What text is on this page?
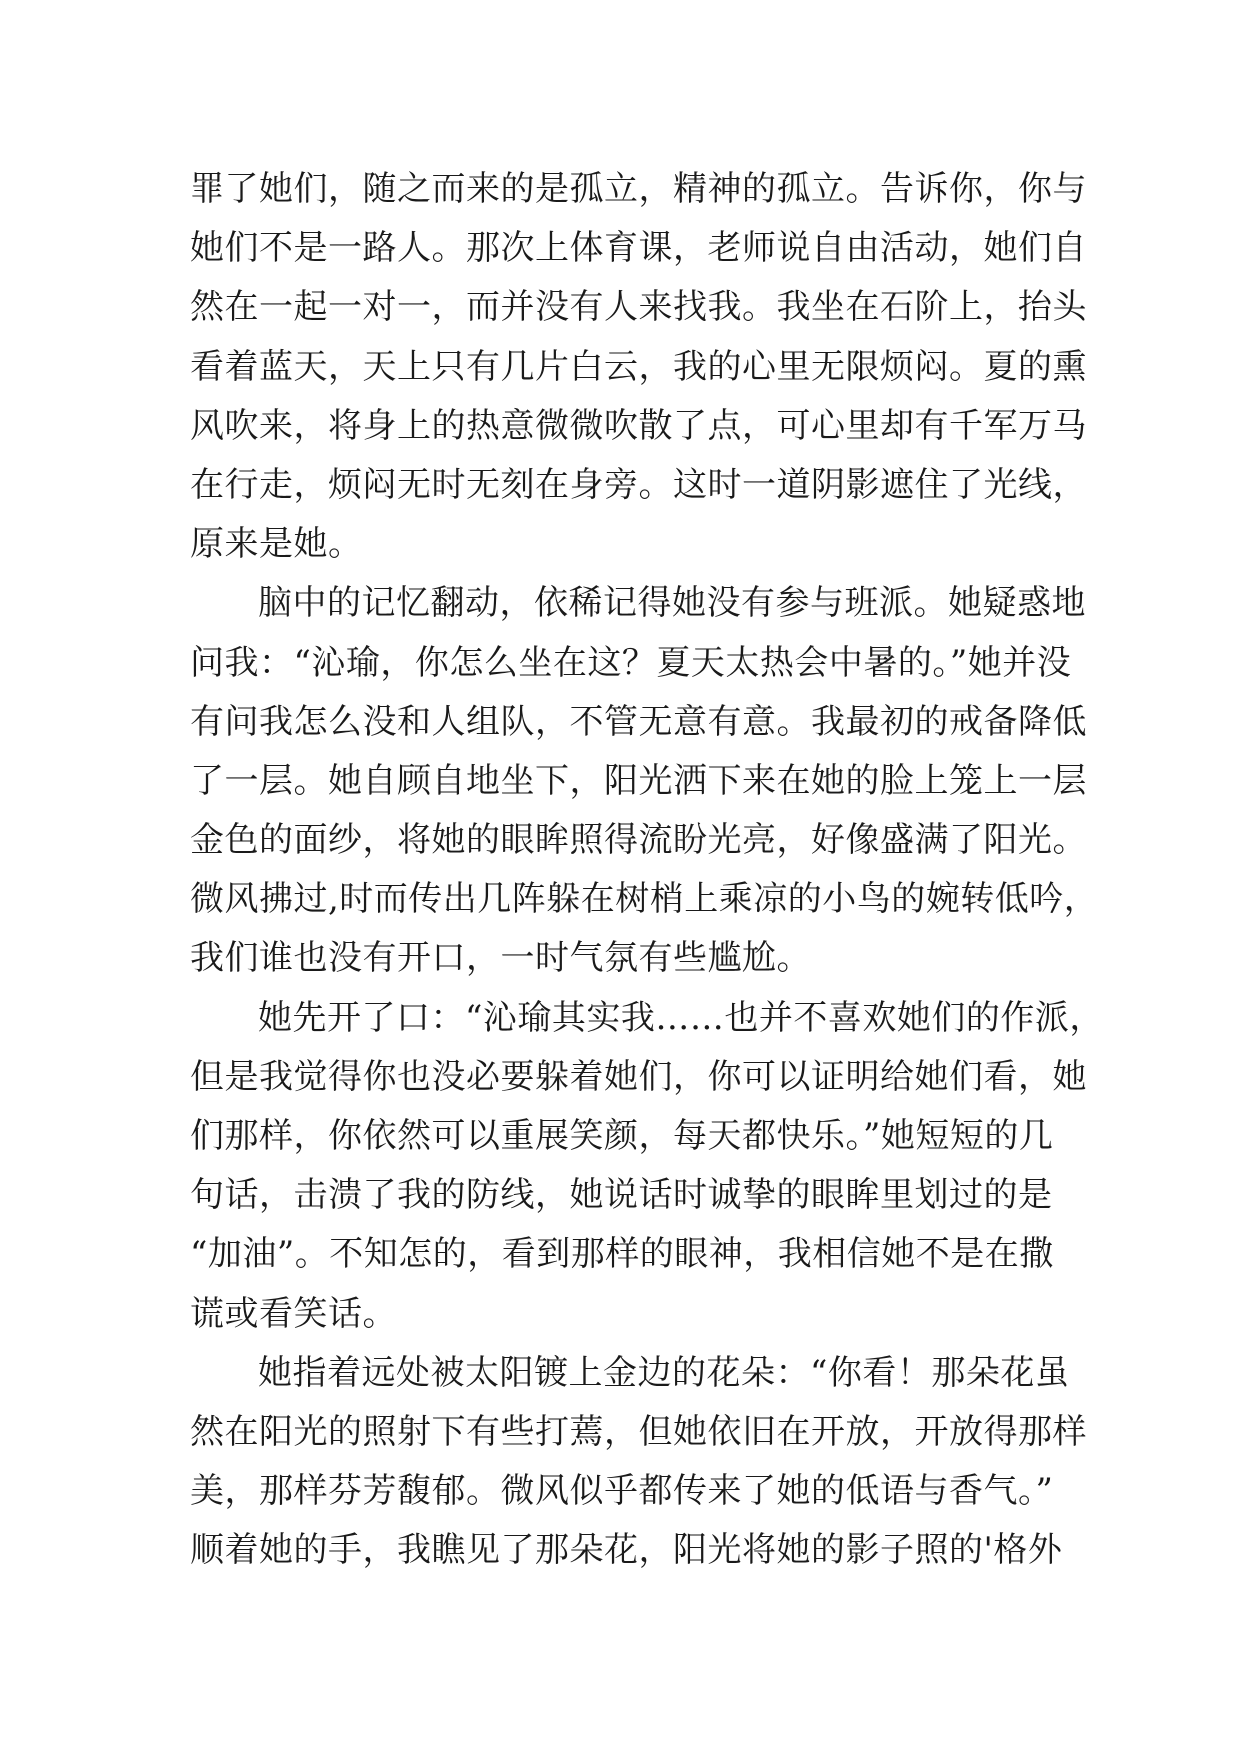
罪了她们，随之而来的是孤立，精神的孤立。告诉你，你与
她们不是一路人。那次上体育课，老师说自由活动，她们自
然在一起一对一，而并没有人来找我。我坐在石阶上，抬头
看着蓝天，天上只有几片白云，我的心里无限烦闷。夏的熏
风吹来，将身上的热意微微吹散了点，可心里却有千军万马
在行走，烦闷无时无刻在身旁。这时一道阴影遮住了光线，
原来是她。
脑中的记忆翻动，依稀记得她没有参与班派。她疑惑地
问我：“沁瑜，你怎么坐在这？夏天太热会中暑的。”她并没
有问我怎么没和人组队，不管无意有意。我最初的戒备降低
了一层。她自顾自地坐下，阳光洒下来在她的脸上笼上一层
金色的面纱，将她的眼眸照得流盼光亮，好像盛满了阳光。
微风拂过,时而传出几阵躲在树梢上乘凉的小鸟的婉转低吟，
我们谁也没有开口，一时气氛有些尴尬。
她先开了口：“沁瑜其实我……也并不喜欢她们的作派，
但是我觉得你也没必要躲着她们，你可以证明给她们看，她
们那样，你依然可以重展笑颜，每天都快乐。”她短短的几
句话，击溃了我的防线，她说话时诚挚的眼眸里划过的是
“加油”。不知怎的，看到那样的眼神，我相信她不是在撒
谎或看笑话。
她指着远处被太阳镀上金边的花朵：“你看！那朵花虽
然在阳光的照射下有些打蔫，但她依旧在开放，开放得那样
美，那样芬芳馥郁。微风似乎都传来了她的低语与香气。”
顺着她的手，我瞧见了那朵花，阳光将她的影子照的'格外
